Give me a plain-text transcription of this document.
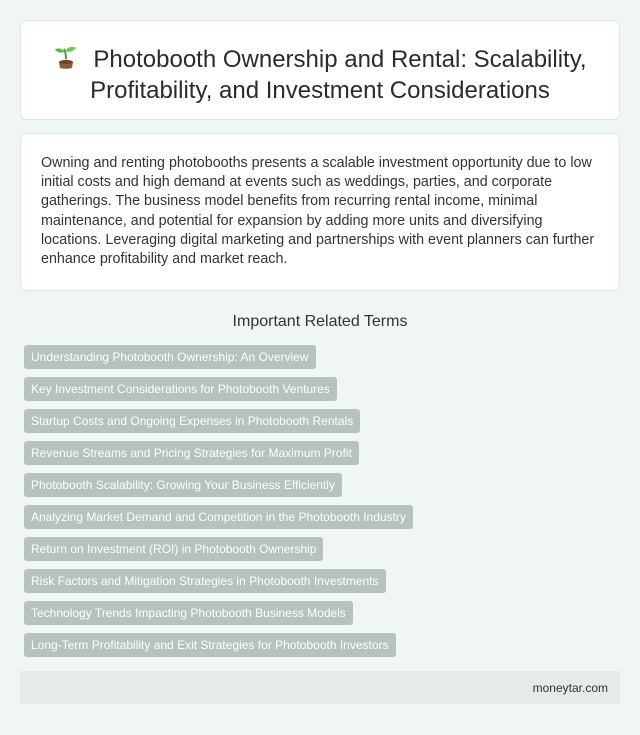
Photobooth Ownership and Rental: Scalability, Profitability, and Investment Considerations

Owning and renting photobooths presents a scalable investment opportunity due to low initial costs and high demand at events such as weddings, parties, and corporate gatherings. The business model benefits from recurring rental income, minimal maintenance, and potential for expansion by adding more units and diversifying locations. Leveraging digital marketing and partnerships with event planners can further enhance profitability and market reach.

Important Related Terms
Understanding Photobooth Ownership: An Overview
Key Investment Considerations for Photobooth Ventures
Startup Costs and Ongoing Expenses in Photobooth Rentals
Revenue Streams and Pricing Strategies for Maximum Profit
Photobooth Scalability: Growing Your Business Efficiently
Analyzing Market Demand and Competition in the Photobooth Industry
Return on Investment (ROI) in Photobooth Ownership
Risk Factors and Mitigation Strategies in Photobooth Investments
Technology Trends Impacting Photobooth Business Models
Long-Term Profitability and Exit Strategies for Photobooth Investors
moneytar.com
